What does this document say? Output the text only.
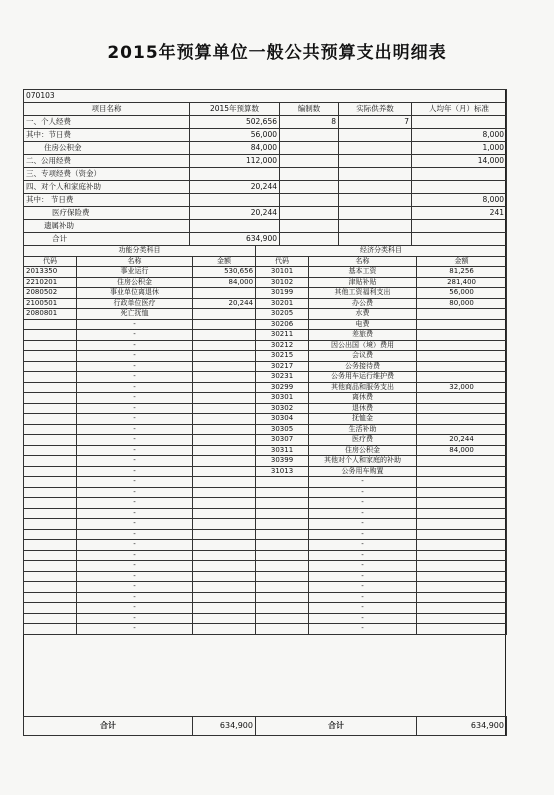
2015年预算单位一般公共预算支出明细表
070103	

项目名称	2015年预算数	编制数	实际供养数	人均年（月）标准
一、个人经费	502,656	8	7	
其中：节日费	56,000			8,000
住房公积金	84,000			1,000
二、公用经费	112,000			14,000
三、专项经费（资金）				
四、对个人和家庭补助	20,244			
其中： 节日费				8,000
医疗保险费	20,244			241
遗属补助				
合计	634,900			
功能分类科目			经济分类科目		
代码	名称	金额	代码	名称	金额
2013350	事业运行	530,656	30101	基本工资	81,256
2210201	住房公积金	84,000	30102	津贴补贴	281,400
2080502	事业单位离退休		30199	其他工资福利支出	56,000
2100501	行政单位医疗	20,244	30201	办公费	80,000
2080801	死亡抚恤		30205	水费	
	-		30206	电费	
	-		30211	差旅费	
	-		30212	因公出国（境）费用	
	-		30215	会议费	
	-		30217	公务接待费	
	-		30231	公务用车运行维护费	
	-		30299	其他商品和服务支出	32,000
	-		30301	离休费	
	-		30302	退休费	
	-		30304	抚恤金	
	-		30305	生活补助	
	-		30307	医疗费	20,244
	-		30311	住房公积金	84,000
	-		30399	其他对个人和家庭的补助	
	-		31013	公务用车购置	
	-			-	
	-			-	
	-			-	
	-			-	
	-			-	
	-			-	
	-			-	
	-			-	
	-			-	
	-			-	
	-			-	
	-			-	
	-			-	
	-			-	
	-			-	
合计	634,900	合计	634,900
